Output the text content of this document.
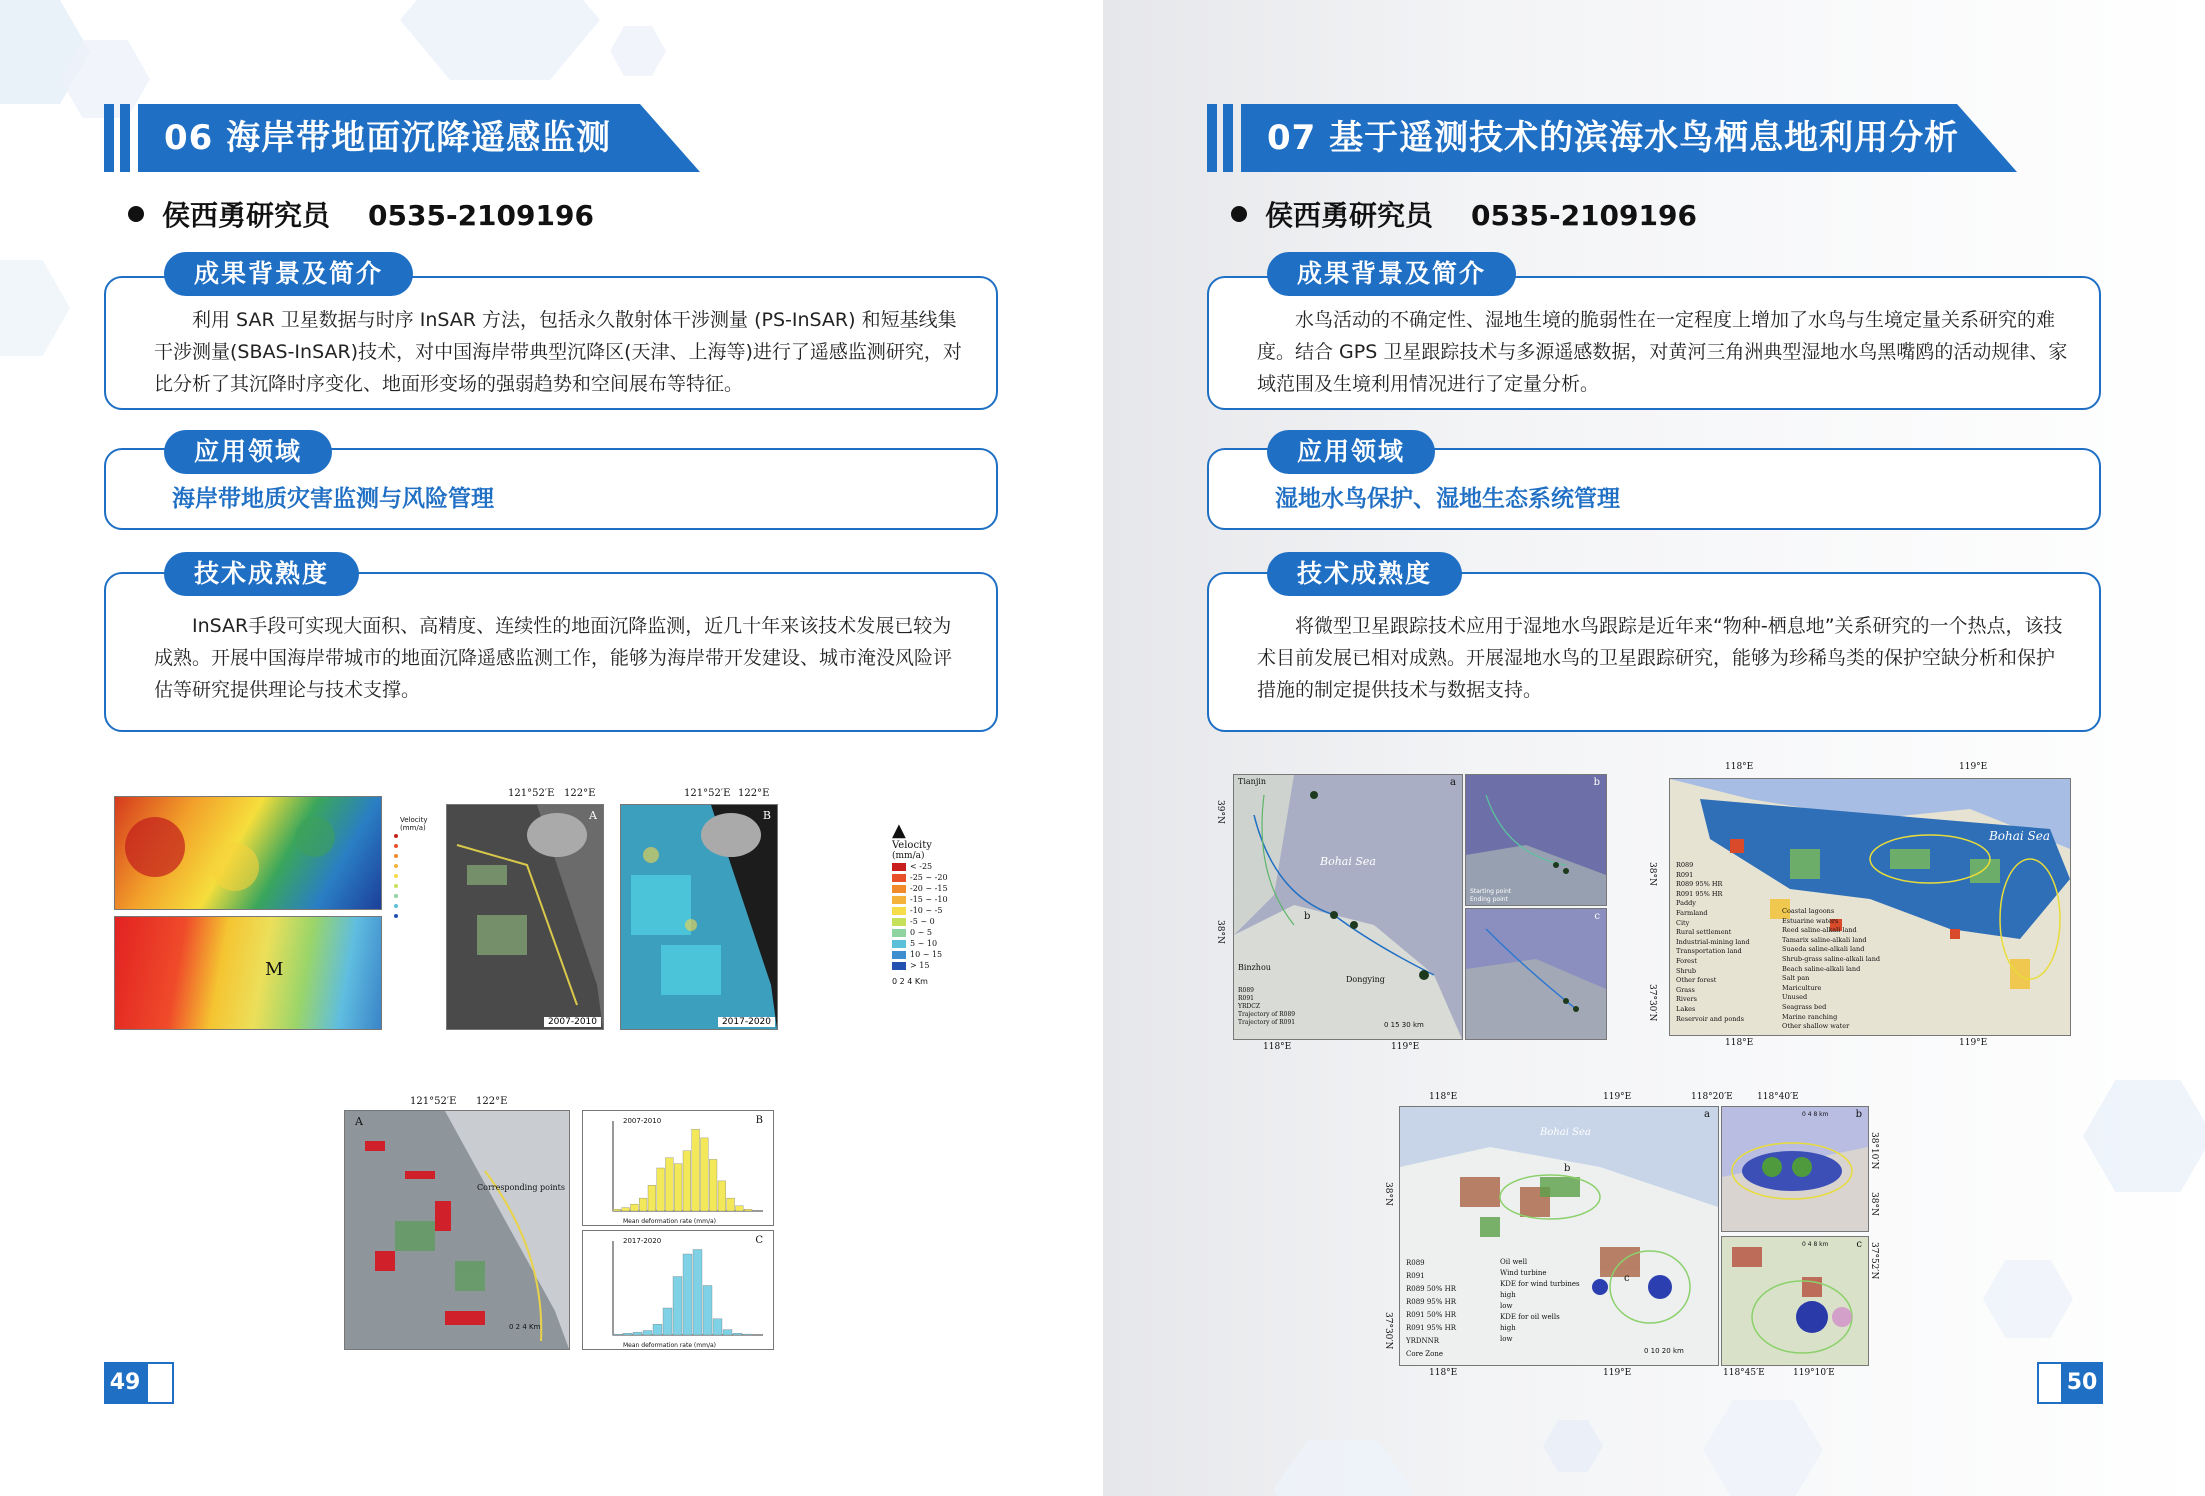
06 海岸带地面沉降遥感监测
侯西勇研究员 0535-2109196

利用 SAR 卫星数据与时序 InSAR 方法，包括永久散射体干涉测量 (PS-InSAR) 和短基线集干涉测量(SBAS-InSAR)技术，对中国海岸带典型沉降区(天津、上海等)进行了遥感监测研究，对比分析了其沉降时序变化、地面形变场的强弱趋势和空间展布等特征。

成果背景及简介
海岸带地质灾害监测与风险管理
应用领域

InSAR手段可实现大面积、高精度、连续性的地面沉降监测，近几十年来该技术发展已较为成熟。开展中国海岸带城市的地面沉降遥感监测工作，能够为海岸带开发建设、城市淹没风险评估等研究提供理论与技术支撑。

技术成熟度
M
Velocity (mm/a)
A
2007-2010
B
2017-2020
121°52′E 122°E	121°52′E 122°E
▲
Velocity
(mm/a)
< -25
-25 ~ -20
-20 ~ -15
-15 ~ -10
-10 ~ -5
-5 ~ 0
0 ~ 5
5 ~ 10
10 ~ 15
> 15
0 2 4 Km
121°52′E 122°E
A
Corresponding points
0 2 4 Km
B
2007-2010
Mean deformation rate (mm/a)
C
2017-2020
Mean deformation rate (mm/a)
49
07 基于遥测技术的滨海水鸟栖息地利用分析
侯西勇研究员 0535-2109196

水鸟活动的不确定性、湿地生境的脆弱性在一定程度上增加了水鸟与生境定量关系研究的难度。结合 GPS 卫星跟踪技术与多源遥感数据，对黄河三角洲典型湿地水鸟黑嘴鸥的活动规律、家域范围及生境利用情况进行了定量分析。

成果背景及简介
湿地水鸟保护、湿地生态系统管理
应用领域

将微型卫星跟踪技术应用于湿地水鸟跟踪是近年来“物种-栖息地”关系研究的一个热点，该技术目前发展已相对成熟。开展湿地水鸟的卫星跟踪研究，能够为珍稀鸟类的保护空缺分析和保护措施的制定提供技术与数据支持。

技术成熟度
Tianjin	a
Bohai Sea
b
Binzhou
Dongying
R089
R091
YRDCZ
Trajectory of R089
Trajectory of R091	0 15 30 km
b
Starting point
Ending point
c
118°E	119°E
39°N
38°N
118°E	119°E
Bohai Sea
R089
R091
R089 95% HR
R091 95% HR
Paddy
Farmland
City
Rural settlement
Industrial-mining land
Transportation land
Forest
Shrub
Other forest
Grass
Rivers
Lakes
Reservoir and ponds
Coastal lagoons
Estuarine waters
Reed saline-alkali land
Tamarix saline-alkali land
Suaeda saline-alkali land
Shrub-grass saline-alkali land
Beach saline-alkali land
Salt pan
Mariculture
Unused
Seagrass bed
Marine ranching
Other shallow water
118°E	119°E
38°N
37°30′N
118°E	119°E	118°20′E	118°40′E
Bohai Sea
a
b
c
R089
R091
R089 50% HR
R089 95% HR
R091 50% HR
R091 95% HR
YRDNNR
Core Zone
Oil well
Wind turbine
KDE for wind turbines
high
low
KDE for oil wells
high
low
0 10 20 km
b
0 4 8 km
c
0 4 8 km
118°E	119°E	118°45′E	119°10′E
38°N
37°30′N
38°10′N
38°N
37°52′N
50
